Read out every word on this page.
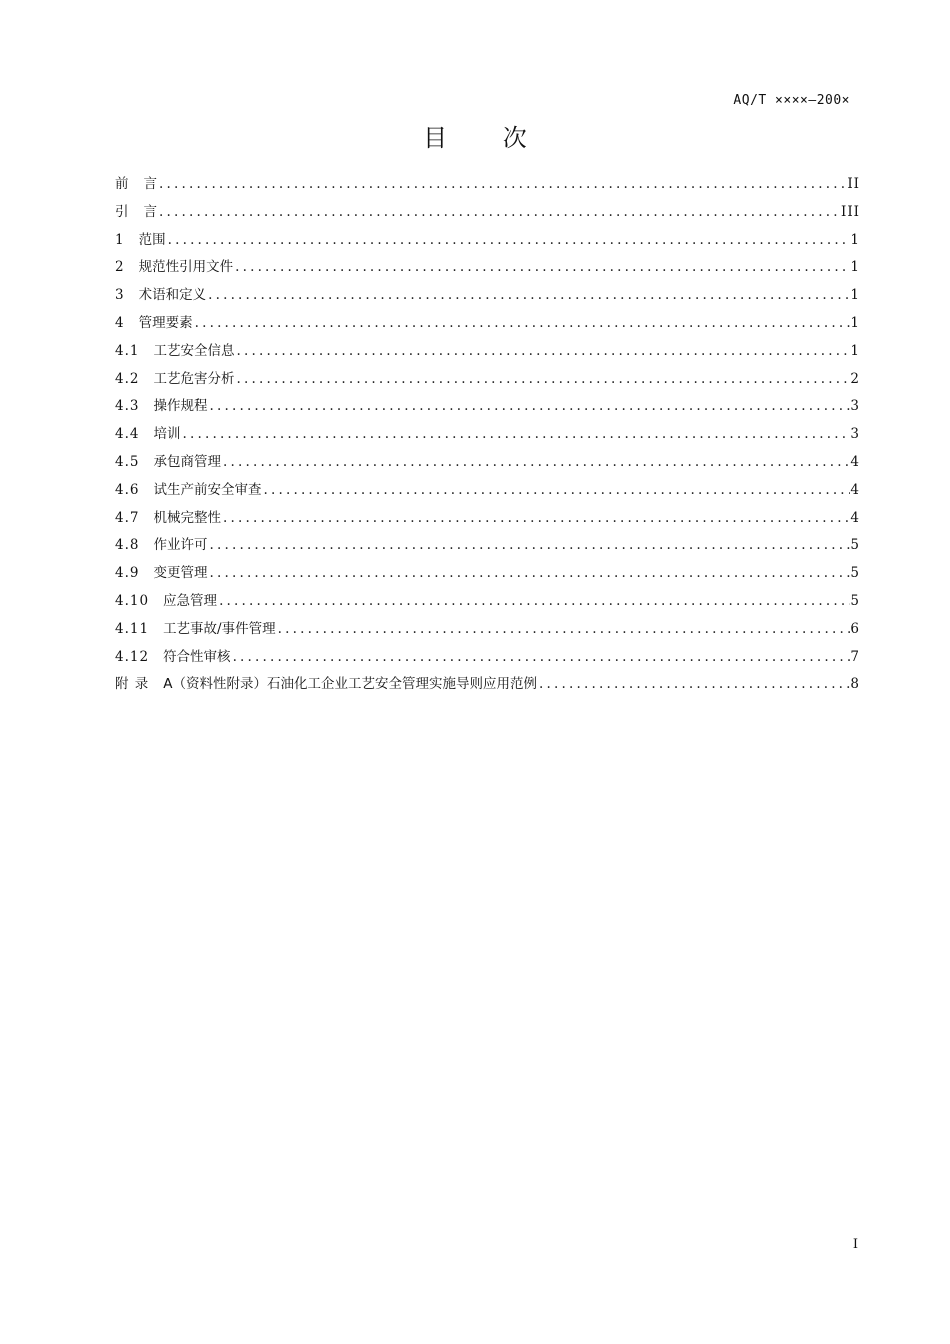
AQ/T ××××—200×
目 次
前	言 .....	II
引	言 .....	III
1	范围 .....	1
2	规范性引用文件 .....	1
3	术语和定义 .....	1
4	管理要素 .....	1
4.1	工艺安全信息 .....	1
4.2	工艺危害分析 .....	2
4.3	操作规程 .....	3
4.4	培训 .....	3
4.5	承包商管理 .....	4
4.6	试生产前安全审查 .....	4
4.7	机械完整性 .....	4
4.8	作业许可 .....	5
4.9	变更管理 .....	5
4.10	应急管理 .....	5
4.11	工艺事故/事件管理 .....	6
4.12	符合性审核 .....	7
附 录	A（资料性附录）石油化工企业工艺安全管理实施导则应用范例 .....	8
I
